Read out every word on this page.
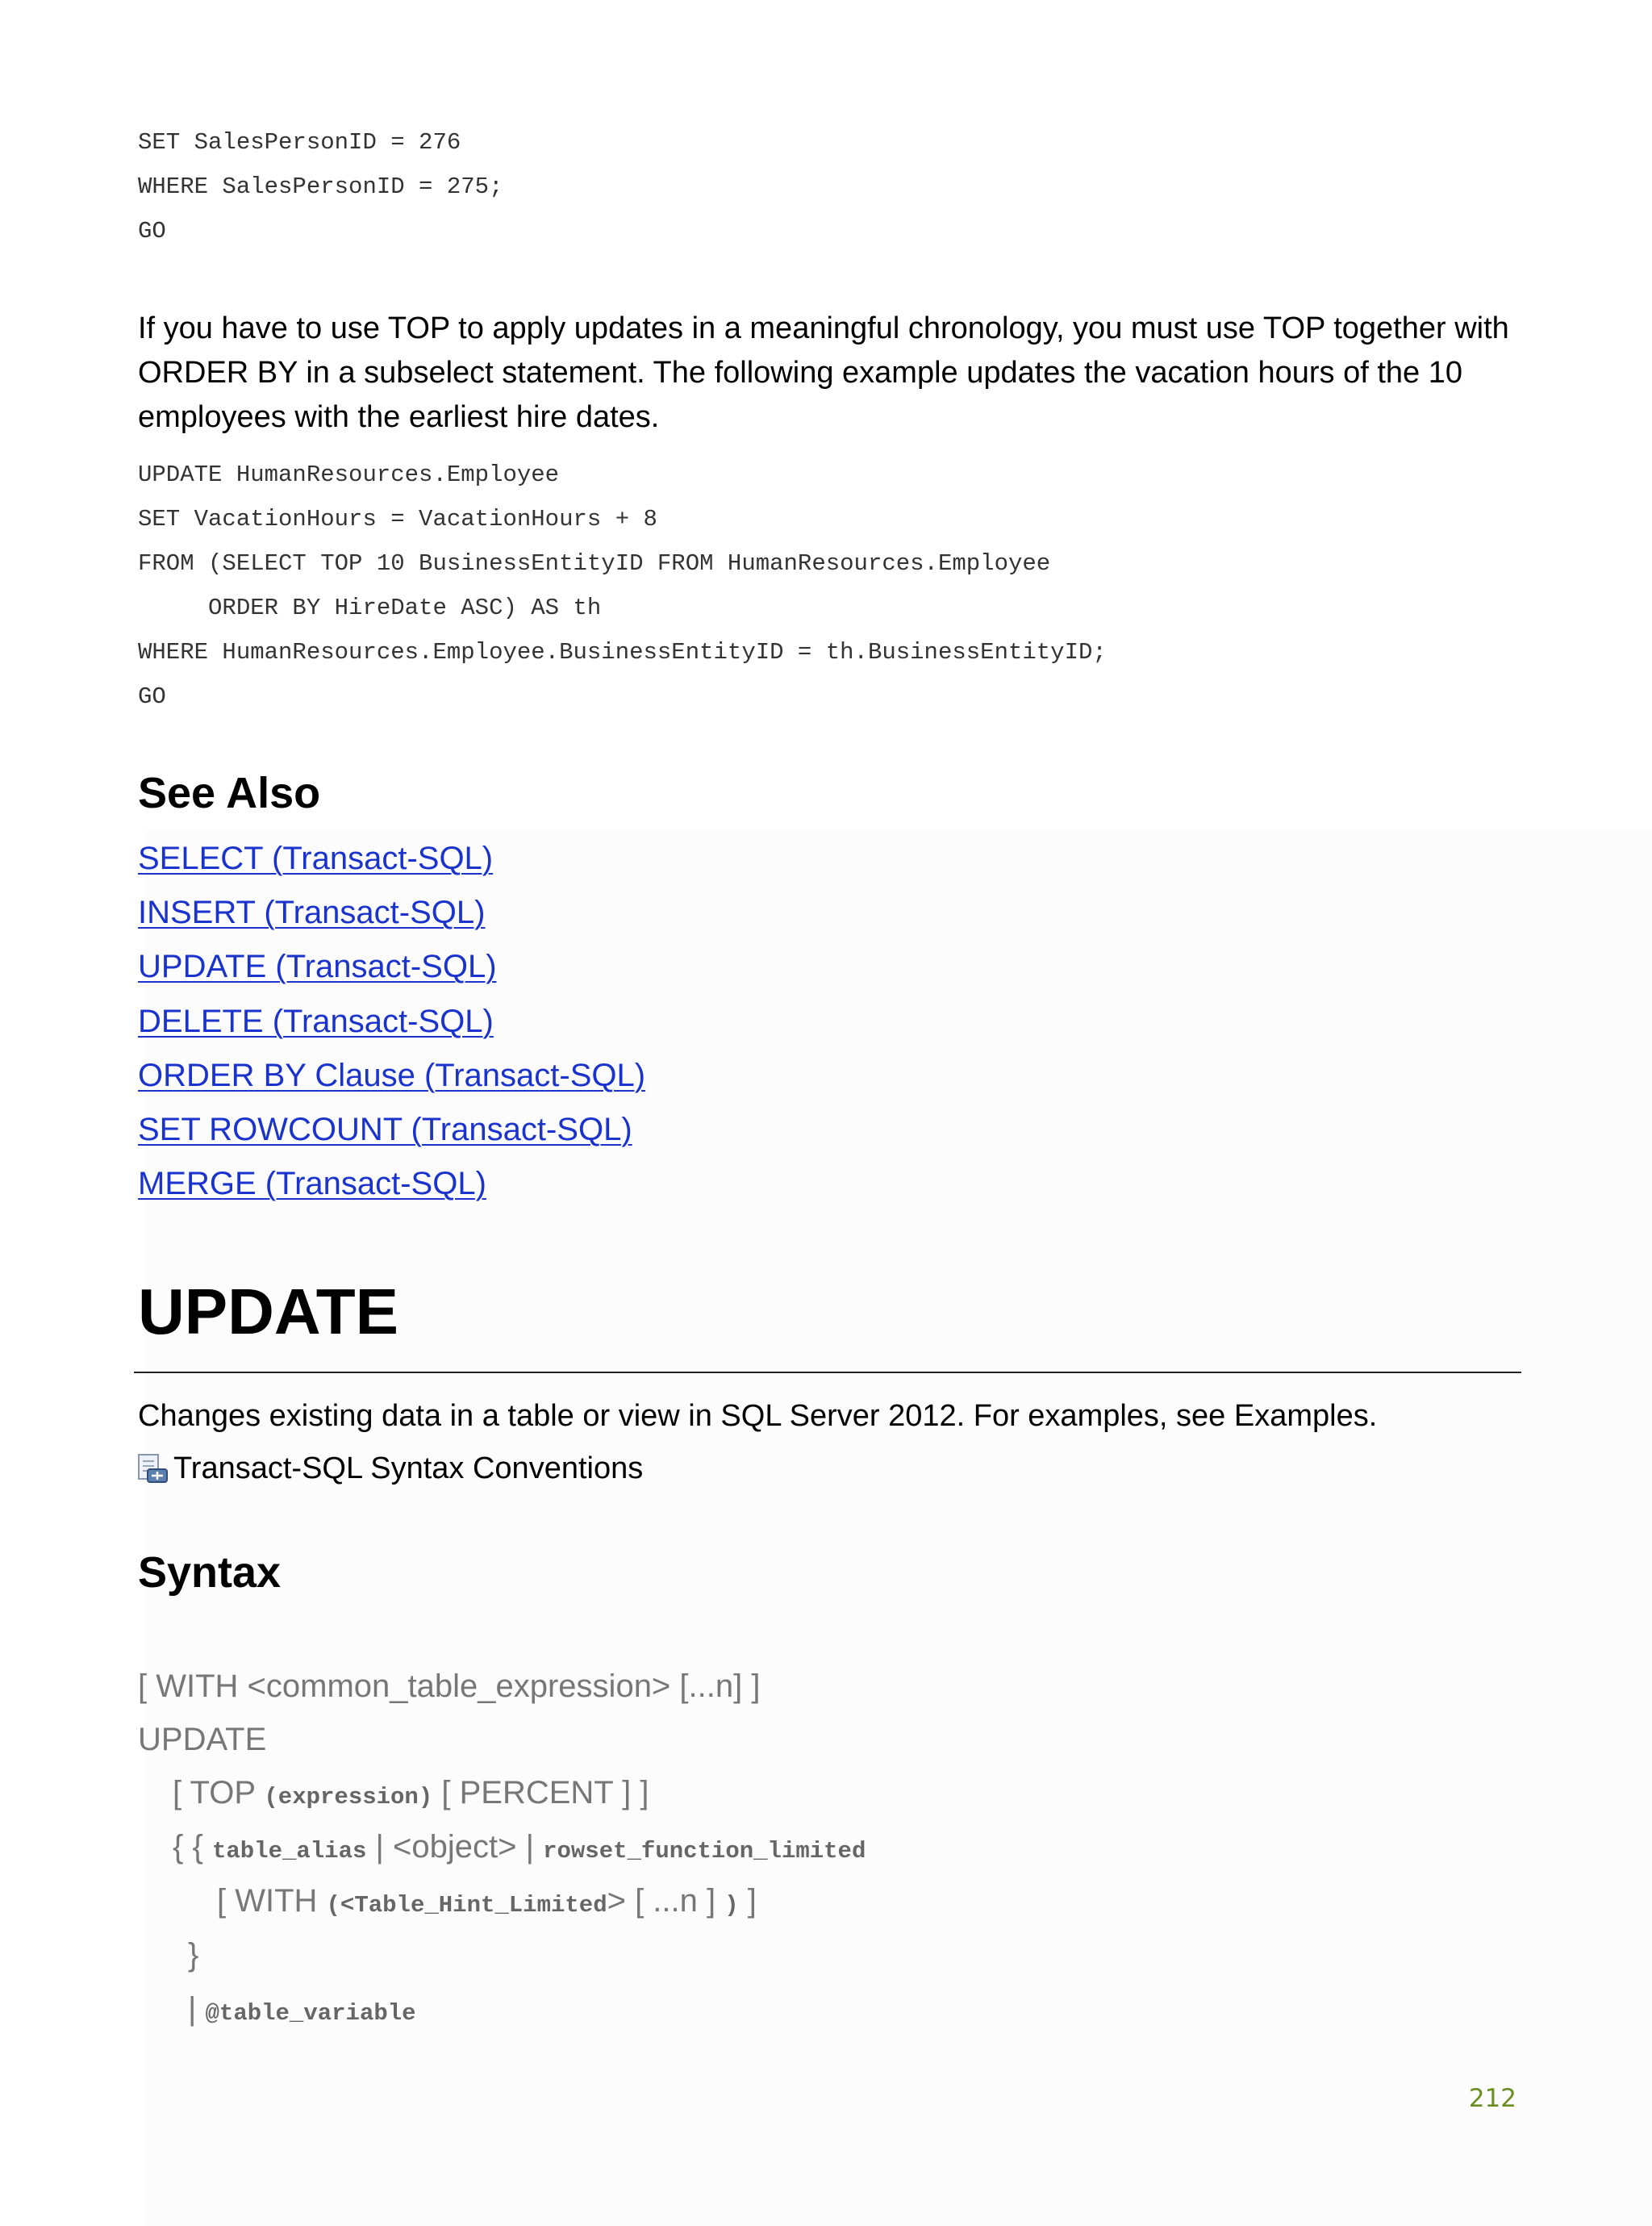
SET SalesPersonID = 276
WHERE SalesPersonID = 275;
GO
If you have to use TOP to apply updates in a meaningful chronology, you must use TOP together with ORDER BY in a subselect statement. The following example updates the vacation hours of the 10 employees with the earliest hire dates.
UPDATE HumanResources.Employee
SET VacationHours = VacationHours + 8
FROM (SELECT TOP 10 BusinessEntityID FROM HumanResources.Employee
ORDER BY HireDate ASC) AS th
WHERE HumanResources.Employee.BusinessEntityID = th.BusinessEntityID;
GO
See Also
SELECT (Transact-SQL)
INSERT (Transact-SQL)
UPDATE (Transact-SQL)
DELETE (Transact-SQL)
ORDER BY Clause (Transact-SQL)
SET ROWCOUNT (Transact-SQL)
MERGE (Transact-SQL)
UPDATE
Changes existing data in a table or view in SQL Server 2012. For examples, see Examples.
Transact-SQL Syntax Conventions
Syntax
[ WITH <common_table_expression> [...n] ]
UPDATE
[ TOP (expression) [ PERCENT ] ]
{ { table_alias | <object> | rowset_function_limited
[ WITH (<Table_Hint_Limited> [ ...n ] ) ]
}
| @table_variable
212
